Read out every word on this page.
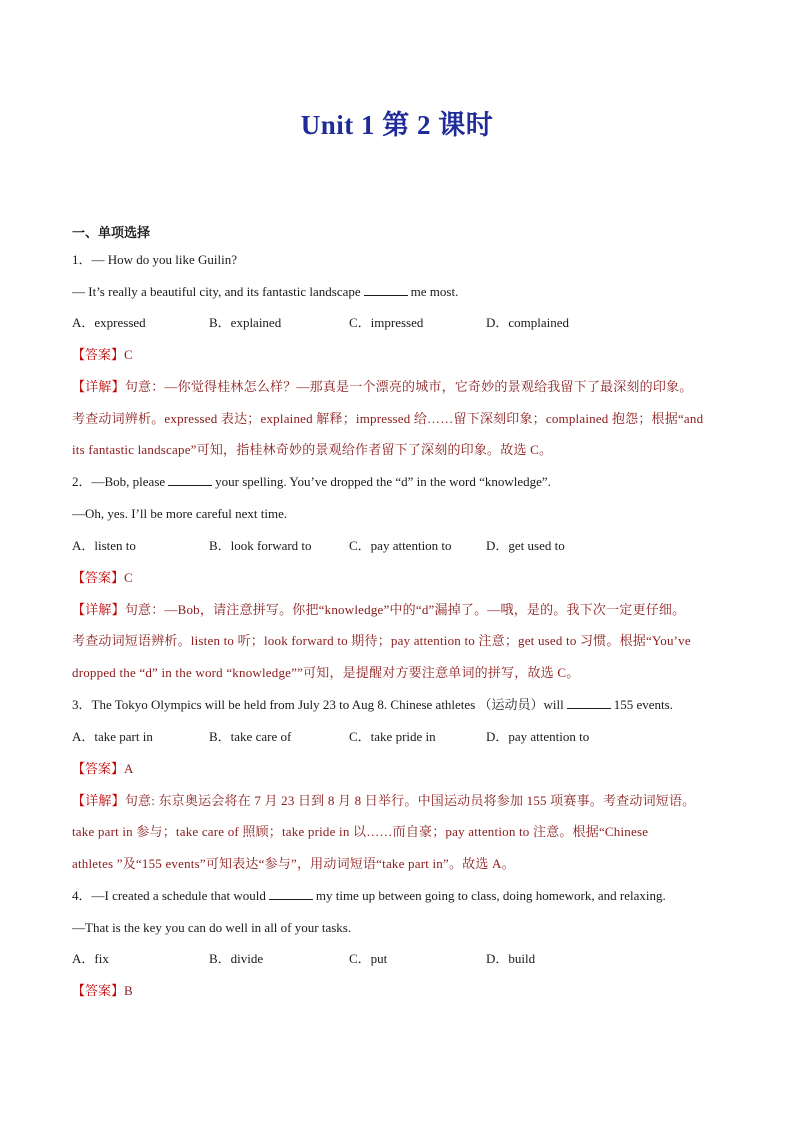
Unit 1 第 2 课时
一、单项选择
1．— How do you like Guilin?
— It’s really a beautiful city, and its fantastic landscape	me most.
A．expressed	B．explained	C．impressed	D．complained
【答案】C
【详解】句意：—你觉得桂林怎么样？—那真是一个漂亮的城市，它奇妙的景观给我留下了最深刻的印象。
考查动词辨析。expressed 表达；explained 解释；impressed 给……留下深刻印象；complained 抱怨；根据“and
its fantastic landscape”可知，指桂林奇妙的景观给作者留下了深刻的印象。故选 C。
2．—Bob, please	your spelling. You’ve dropped the “d” in the word “knowledge”.
—Oh, yes. I’ll be more careful next time.
A．listen to	B．look forward to	C．pay attention to	D．get used to
【答案】C
【详解】句意：—Bob，请注意拼写。你把“knowledge”中的“d”漏掉了。—哦，是的。我下次一定更仔细。
考查动词短语辨析。listen to 听；look forward to 期待；pay attention to 注意；get used to 习惯。根据“You’ve
dropped the “d” in the word “knowledge””可知，是提醒对方要注意单词的拼写，故选 C。
3．The Tokyo Olympics will be held from July 23 to Aug 8. Chinese athletes （运动员）will	155 events.
A．take part in	B．take care of	C．take pride in	D．pay attention to
【答案】A
【详解】句意: 东京奥运会将在 7 月 23 日到 8 月 8 日举行。中国运动员将参加 155 项赛事。考查动词短语。
take part in 参与；take care of 照顾；take pride in 以……而自豪；pay attention to 注意。根据“Chinese
athletes ”及“155 events”可知表达“参与”，用动词短语“take part in”。故选 A。
4．—I created a schedule that would	my time up between going to class, doing homework, and relaxing.
—That is the key you can do well in all of your tasks.
A．fix	B．divide	C．put	D．build
【答案】B
